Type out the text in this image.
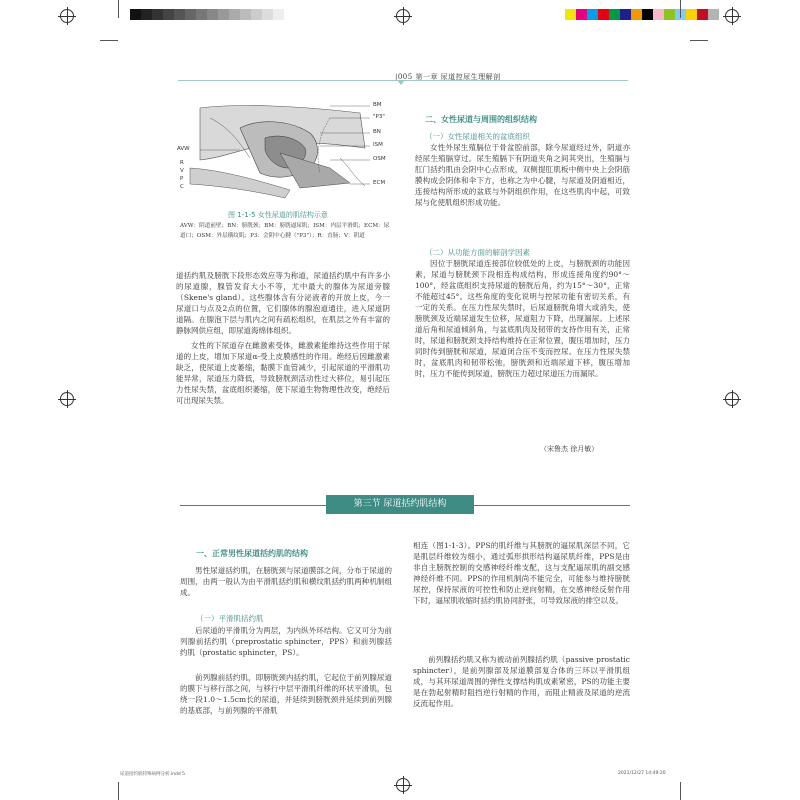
|005 第一章 尿道控尿生理解剖
AVW
R
V
P
C
BM
"P3"
BN
ISM
OSM
ECM
图 1-1-5 女性尿道的肌结构示意
AVW：阴道前壁；BN：膀胱颈；BM：膀胱逼尿肌；ISM：内层平滑肌；ECM：尿道口；OSM：外层横纹肌；P3：会阴中心腱（"P3"）；R：直肠；V：阴道
道括约肌及膀胱下段形态效应等为称道，尿道括约肌中有许多小的尿道腺，腺管发育大小不等，尤中最大的腺体为尿道旁腺（Skene's gland）。这些腺体含有分泌液者的开放上皮，今一尿道口与点及2点的位置，它们腺体的腺泡道通往，进入尿道阴道隔。在腺泡下层与肌内之间有疏松组织，在肌层之外有丰富的静脉网供应组，即尿道海绵体组织。
女性的下尿道存在雌激素受体，雌激素能维持这些作用于尿道的上皮，增加下尿道α-受上皮膜感性的作用。绝经后因雌激素缺乏，使尿道上皮萎缩，黏膜下血管减少，引起尿道的平滑肌功能异常，尿道压力降低，导致膀胱颈活动性过大移位，易引起压力性尿失禁，盆底组织萎缩，使下尿道生物物理性改变，绝经后可出现尿失禁。
二、女性尿道与周围的组织结构
（一）女性尿道相关的盆底组织
女性外尿生殖膈位于骨盆腔前部，除今尿道经过外，阴道亦经尿生殖膈穿过。尿生殖膈下有阴道夹角之间其突出，生殖膈与肛门括约肌由会阴中心点形成，双侧提肛肌板中侧中央上会阴筋膜构成会阴体和伞下方，也称之为中心腱，与尿道及阴道相近，连接结构所形成的盆底与外阴组织作用，在这些肌肉中起，可致尿与化使肌组织形成功能。
（二）从功能方面的解剖学因素
因位于膀胱尿道连接部位较低处的上皮，与膀胱颈的功能因素，尿道与膀胱颈下段相连构成结构，形成连接角度约90°～100°，经盆底组织支持尿道的膀胱后角，约为15°～30°，正常不能超过45°。这些角度的变化说明与控尿功能有密切关系，有一定的关系。在压力性尿失禁时，后尿道膀胱角增大或消失，使膀胱颈及近端尿道发生位移，尿道阻力下降，出现漏尿。上述尿道后角和尿道倾斜角，与盆底肌肉及韧带的支持作用有关，正常时，尿道和膀胱颈支持结构维持在正常位置，腹压增加时，压力同时传到膀胱和尿道，尿道闭合压不变而控尿。在压力性尿失禁时，盆底肌肉和韧带松弛，膀胱颈和近端尿道下移，腹压增加时，压力不能传到尿道，膀胱压力超过尿道压力而漏尿。
（宋鲁杰 徐月敏）
第三节 尿道括约肌结构
一、正常男性尿道括约肌的结构
男性尿道括约肌，在膀胱颈与尿道膜部之间，分布于尿道的周围，由两一般认为由平滑肌括约肌和横纹肌括约肌两种机制组成。
（一）平滑肌括约肌
后尿道的平滑肌分为两层，为内纵外环结构。它又可分为前列腺前括约肌（preprostatic sphincter，PPS）和前列腺括约肌（prostatic sphincter，PS）。
前列腺前括约肌，即膀胱颈内括约肌，它起位于前列腺尿道的膜下与移行部之间，与移行中层平滑肌纤维的环状平滑肌，包绕一段1.0～1.5cm长的尿道，并延续到膀胱颈并延续到前列腺的基底部，与前列腺的平滑肌
相连（图1-1-3）。PPS的肌纤维与其膀胱的逼尿肌深层不同，它是肌层纤维较为细小，通过弧形拱形结构逼尿肌纤维，PPS是由非自主膀胱控制的交感神经纤维支配，这与支配逼尿肌的副交感神经纤维不同。PPS的作用机制尚不能完全，可能参与维持膀胱尿控，保持尿液的可控性和防止逆向射精，在交感神经反射作用下时，逼尿肌收缩时括约肌协同舒张，可导致尿液的排空以及。
前列腺括约肌又称为被动前列腺括约肌（passive prostatic sphincter），是前列腺部及尿道膜部复合体的三环以平滑肌组成，与其环尿道周围的弹性支撑结构肌成素紧密，PS的功能主要是在勃起射精时阻挡逆行射精的作用，而阻止精液及尿道的逆流反流起作用。
尿道括约肌特殊病例分析.indd 5	2021/12/27 14:49:20
